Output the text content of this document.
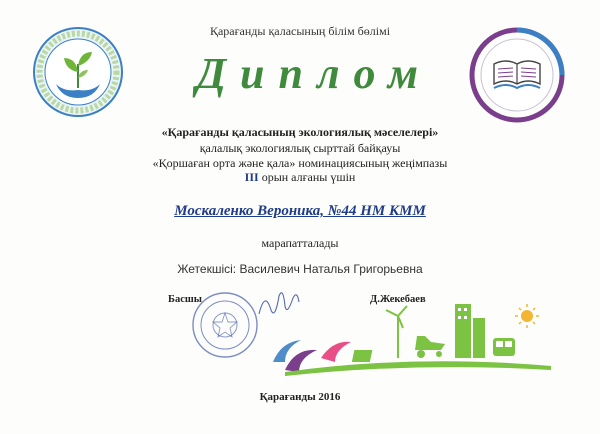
Қарағанды қаласының білім бөлімі
Диплом
«Қарағанды қаласының экологиялық мәселелері»
қалалық экологиялық сырттай байқауы
«Қоршаған орта және қала» номинациясының жеңімпазы
III орын алғаны үшін
Москаленко Вероника, №44 НМ КММ
марапатталады
Жетекшісі: Василевич Наталья Григорьевна
Басшы	Д.Жекебаев
Қарағанды 2016
